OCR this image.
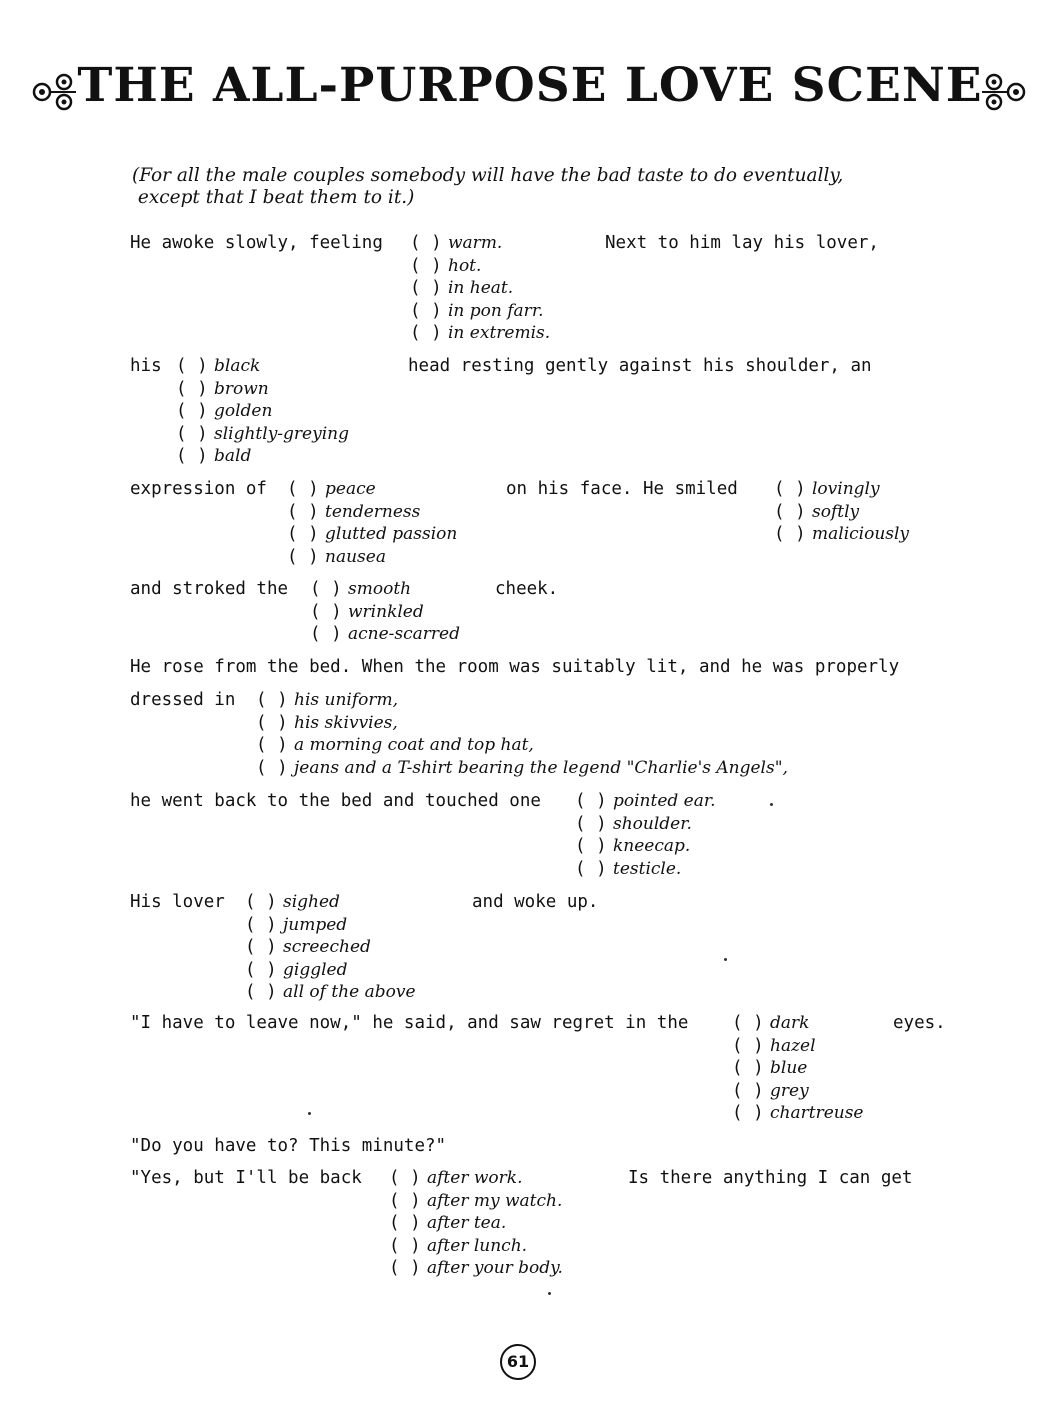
THE ALL-PURPOSE LOVE SCENE
(For all the male couples somebody will have the bad taste to do eventually,
except that I beat them to it.)
He awoke slowly, feeling ( ) warm.
( ) hot.
( ) in heat.
( ) in pon farr.
( ) in extremis.
Next to him lay his lover,
his ( ) black
( ) brown
( ) golden
( ) slightly-greying
( ) bald
head resting gently against his shoulder, an
expression of ( ) peace
( ) tenderness
( ) glutted passion
( ) nausea
on his face. He smiled ( ) lovingly
( ) softly
( ) maliciously
and stroked the ( ) smooth
( ) wrinkled
( ) acne-scarred
cheek.
He rose from the bed. When the room was suitably lit, and he was properly
dressed in ( ) his uniform,
( ) his skivvies,
( ) a morning coat and top hat,
( ) jeans and a T-shirt bearing the legend "Charlie's Angels",
he went back to the bed and touched one ( ) pointed ear.
( ) shoulder.
( ) kneecap.
( ) testicle.
His lover ( ) sighed
( ) jumped
( ) screeched
( ) giggled
( ) all of the above
and woke up.
"I have to leave now," he said, and saw regret in the ( ) dark
( ) hazel
( ) blue
( ) grey
( ) chartreuse
eyes.
"Do you have to? This minute?"
"Yes, but I'll be back ( ) after work.
( ) after my watch.
( ) after tea.
( ) after lunch.
( ) after your body.
Is there anything I can get
61
